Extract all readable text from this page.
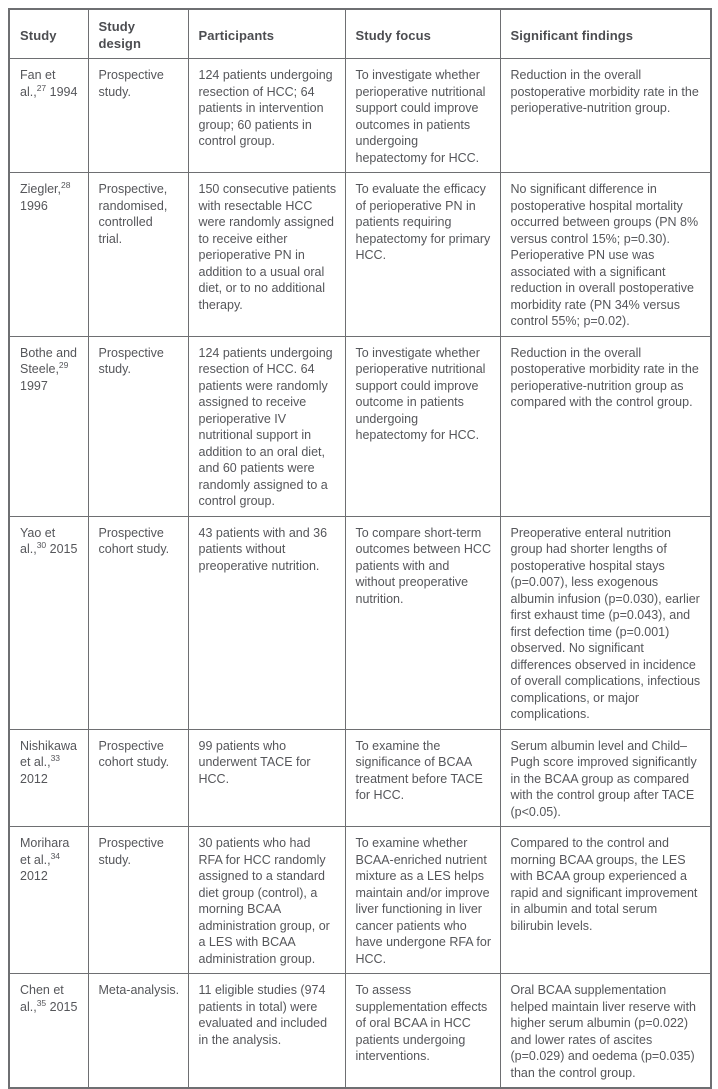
Study	Study design	Participants	Study focus	Significant findings
Fan et al.,$^{27}$ 1994	Prospective study.	124 patients undergoing resection of HCC; 64 patients in intervention group; 60 patients in control group.	To investigate whether perioperative nutritional support could improve outcomes in patients undergoing hepatectomy for HCC.	Reduction in the overall postoperative morbidity rate in the perioperative-nutrition group.
Ziegler,$^{28}$ 1996	Prospective, randomised, controlled trial.	150 consecutive patients with resectable HCC were randomly assigned to receive either perioperative PN in addition to a usual oral diet, or to no additional therapy.	To evaluate the efficacy of perioperative PN in patients requiring hepatectomy for primary HCC.	No significant difference in postoperative hospital mortality occurred between groups (PN 8% versus control 15%; p=0.30). Perioperative PN use was associated with a significant reduction in overall postoperative morbidity rate (PN 34% versus control 55%; p=0.02).
Bothe and Steele,$^{29}$ 1997	Prospective study.	124 patients undergoing resection of HCC. 64 patients were randomly assigned to receive perioperative IV nutritional support in addition to an oral diet, and 60 patients were randomly assigned to a control group.	To investigate whether perioperative nutritional support could improve outcome in patients undergoing hepatectomy for HCC.	Reduction in the overall postoperative morbidity rate in the perioperative-nutrition group as compared with the control group.
Yao et al.,$^{30}$ 2015	Prospective cohort study.	43 patients with and 36 patients without preoperative nutrition.	To compare short-term outcomes between HCC patients with and without preoperative nutrition.	Preoperative enteral nutrition group had shorter lengths of postoperative hospital stays (p=0.007), less exogenous albumin infusion (p=0.030), earlier first exhaust time (p=0.043), and first defection time (p=0.001) observed. No significant differences observed in incidence of overall complications, infectious complications, or major complications.
Nishikawa et al.,$^{33}$ 2012	Prospective cohort study.	99 patients who underwent TACE for HCC.	To examine the significance of BCAA treatment before TACE for HCC.	Serum albumin level and Child–Pugh score improved significantly in the BCAA group as compared with the control group after TACE (p<0.05).
Morihara et al.,$^{34}$ 2012	Prospective study.	30 patients who had RFA for HCC randomly assigned to a standard diet group (control), a morning BCAA administration group, or a LES with BCAA administration group.	To examine whether BCAA-enriched nutrient mixture as a LES helps maintain and/or improve liver functioning in liver cancer patients who have undergone RFA for HCC.	Compared to the control and morning BCAA groups, the LES with BCAA group experienced a rapid and significant improvement in albumin and total serum bilirubin levels.
Chen et al.,$^{35}$ 2015	Meta-analysis.	11 eligible studies (974 patients in total) were evaluated and included in the analysis.	To assess supplementation effects of oral BCAA in HCC patients undergoing interventions.	Oral BCAA supplementation helped maintain liver reserve with higher serum albumin (p=0.022) and lower rates of ascites (p=0.029) and oedema (p=0.035) than the control group.
